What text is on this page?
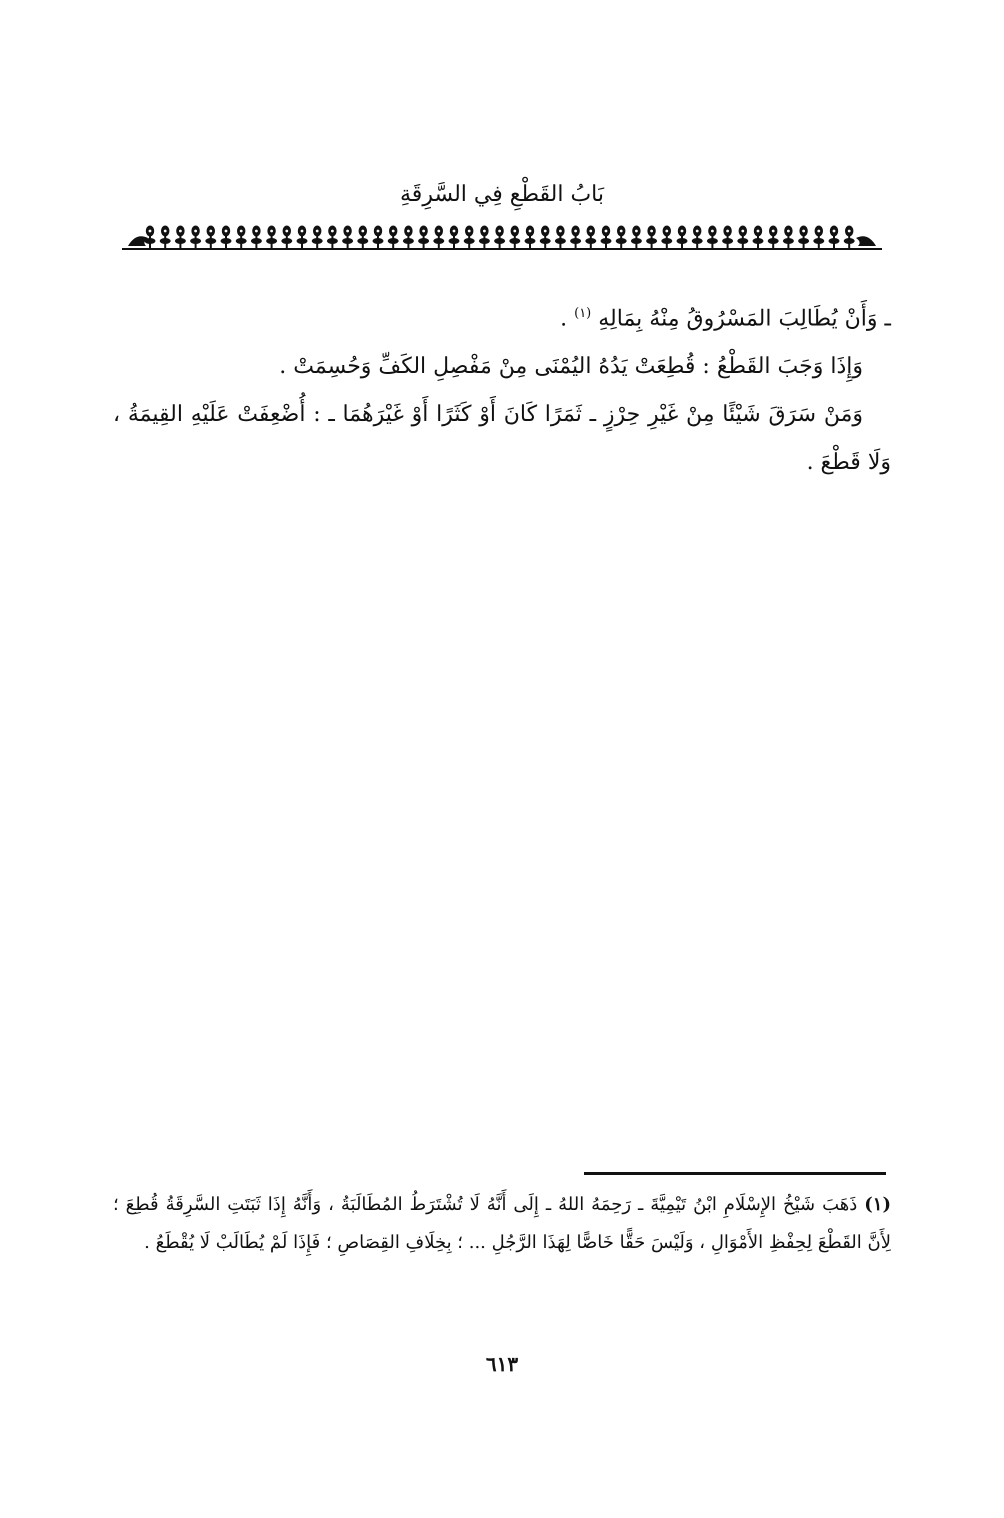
بَابُ القَطْعِ فِي السَّرِقَةِ

ـ وَأَنْ يُطَالِبَ المَسْرُوقُ مِنْهُ بِمَالِهِ $^{(١)}$ .

وَإِذَا وَجَبَ القَطْعُ : قُطِعَتْ يَدُهُ اليُمْنَى مِنْ مَفْصِلِ الكَفِّ وَحُسِمَتْ .

وَمَنْ سَرَقَ شَيْئًا مِنْ غَيْرِ حِرْزٍ ـ ثَمَرًا كَانَ أَوْ كَثَرًا أَوْ غَيْرَهُمَا ـ : أُضْعِفَتْ عَلَيْهِ القِيمَةُ ، وَلَا قَطْعَ .

(١) ذَهَبَ شَيْخُ الإِسْلَامِ ابْنُ تَيْمِيَّةَ ـ رَحِمَهُ اللهُ ـ إِلَى أَنَّهُ لَا تُشْتَرَطُ المُطَالَبَةُ ، وَأَنَّهُ إِذَا ثَبَتَتِ السَّرِقَةُ قُطِعَ ؛ لِأَنَّ القَطْعَ لِحِفْظِ الأَمْوَالِ ، وَلَيْسَ حَقًّا خَاصًّا لِهَذَا الرَّجُلِ ... ؛ بِخِلَافِ القِصَاصِ ؛ فَإِذَا لَمْ يُطَالَبْ لَا يُقْطَعُ .

٦١٣
